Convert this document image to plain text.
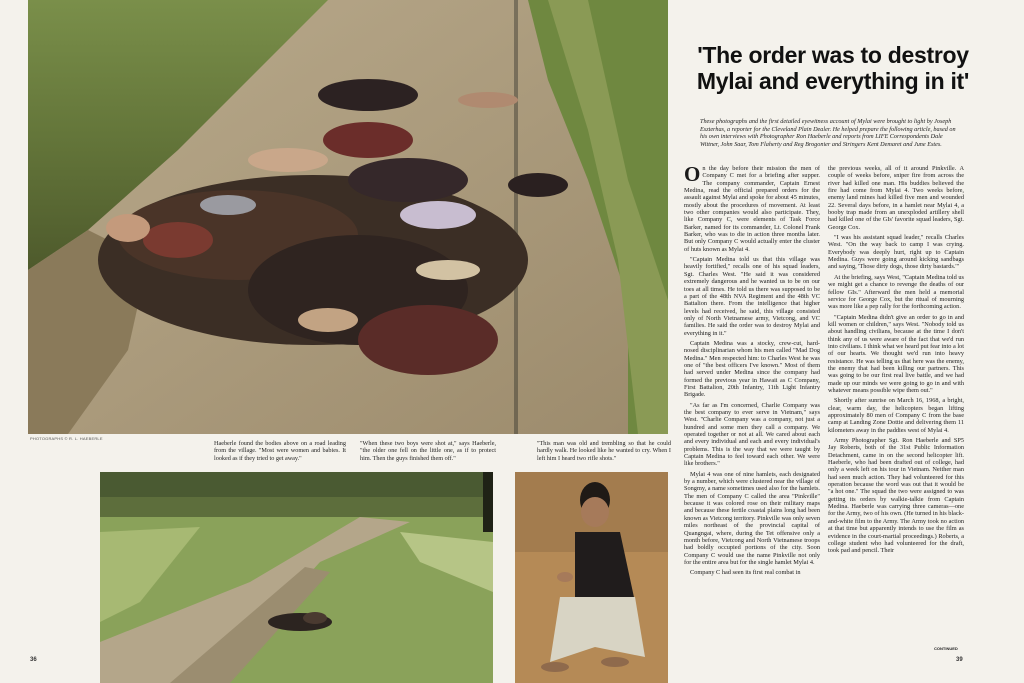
PHOTOGRAPHS © R. L. HAEBERLE
Haeberle found the bodies above on a road leading from the village. "Most were women and babies. It looked as if they tried to get away."
"When these two boys were shot at," says Haeberle, "the older one fell on the little one, as if to protect him. Then the guys finished them off."
"This man was old and trembling so that he could hardly walk. He looked like he wanted to cry. When I left him I heard two rifle shots."
36	39
'The order was to destroy
Mylai and everything in it'
These photographs and the first detailed eyewitness account of Mylai were brought to light by Joseph Eszterhas, a reporter for the Cleveland Plain Dealer. He helped prepare the following article, based on his own interviews with Photographer Ron Haeberle and reports from LIFE Correspondents Dale Wittner, John Saar, Tom Flaherty and Reg Brogonier and Stringers Kent Demaret and June Estes.

On the day before their mission the men of Company C met for a briefing after supper. The company commander, Captain Ernest Medina, read the official prepared orders for the assault against Mylai and spoke for about 45 minutes, mostly about the procedures of movement. At least two other companies would also participate. They, like Company C, were elements of Task Force Barker, named for its commander, Lt. Colonel Frank Barker, who was to die in action three months later. But only Company C would actually enter the cluster of huts known as Mylai 4.

"Captain Medina told us that this village was heavily fortified," recalls one of his squad leaders, Sgt. Charles West. "He said it was considered extremely dangerous and he wanted us to be on our toes at all times. He told us there was supposed to be a part of the 48th NVA Regiment and the 48th VC Battalion there. From the intelligence that higher levels had received, he said, this village consisted only of North Vietnamese army, Vietcong, and VC families. He said the order was to destroy Mylai and everything in it."

Captain Medina was a stocky, crew-cut, hard-nosed disciplinarian whom his men called "Mad Dog Medina." Men respected him: to Charles West he was one of "the best officers I've known." Most of them had served under Medina since the company had formed the previous year in Hawaii as C Company, First Battalion, 20th Infantry, 11th Light Infantry Brigade.

"As far as I'm concerned, Charlie Company was the best company to ever serve in Vietnam," says West. "Charlie Company was a company, not just a hundred and some men they call a company. We operated together or not at all. We cared about each and every individual and each and every individual's problems. This is the way that we were taught by Captain Medina to feel toward each other. We were like brothers."

Mylai 4 was one of nine hamlets, each designated by a number, which were clustered near the village of Songmy, a name sometimes used also for the hamlets. The men of Company C called the area "Pinkville" because it was colored rose on their military maps and because these fertile coastal plains long had been known as Vietcong territory. Pinkville was only seven miles northeast of the provincial capital of Quangngai, where, during the Tet offensive only a month before, Vietcong and North Vietnamese troops had boldly occupied portions of the city. Soon Company C would use the name Pinkville not only for the entire area but for the single hamlet Mylai 4.

Company C had seen its first real combat in

the previous weeks, all of it around Pinkville. A couple of weeks before, sniper fire from across the river had killed one man. His buddies believed the fire had come from Mylai 4. Two weeks before, enemy land mines had killed five men and wounded 22. Several days before, in a hamlet near Mylai 4, a booby trap made from an unexploded artillery shell had killed one of the GIs' favorite squad leaders, Sgt. George Cox.

"I was his assistant squad leader," recalls Charles West. "On the way back to camp I was crying. Everybody was deeply hurt, right up to Captain Medina. Guys were going around kicking sandbags and saying, 'Those dirty dogs, those dirty bastards.'"

At the briefing, says West, "Captain Medina told us we might get a chance to revenge the deaths of our fellow GIs." Afterward the men held a memorial service for George Cox, but the ritual of mourning was more like a pep rally for the forthcoming action.

"Captain Medina didn't give an order to go in and kill women or children," says West. "Nobody told us about handling civilians, because at the time I don't think any of us were aware of the fact that we'd run into civilians. I think what we heard put fear into a lot of our hearts. We thought we'd run into heavy resistance. He was telling us that here was the enemy, the enemy that had been killing our partners. This was going to be our first real live battle, and we had made up our minds we were going to go in and with whatever means possible wipe them out."

Shortly after sunrise on March 16, 1968, a bright, clear, warm day, the helicopters began lifting approximately 80 men of Company C from the base camp at Landing Zone Dottie and delivering them 11 kilometers away in the paddies west of Mylai 4.

Army Photographer Sgt. Ron Haeberle and SP5 Jay Roberts, both of the 31st Public Information Detachment, came in on the second helicopter lift. Haeberle, who had been drafted out of college, had only a week left on his tour in Vietnam. Neither man had seen much action. They had volunteered for this operation because the word was out that it would be "a hot one." The squad the two were assigned to was getting its orders by walkie-talkie from Captain Medina. Haeberle was carrying three cameras—one for the Army, two of his own. (He turned in his black-and-white film to the Army. The Army took no action at that time but apparently intends to use the film as evidence in the court-martial proceedings.) Roberts, a college student who had volunteered for the draft, took pad and pencil. Their

CONTINUED
